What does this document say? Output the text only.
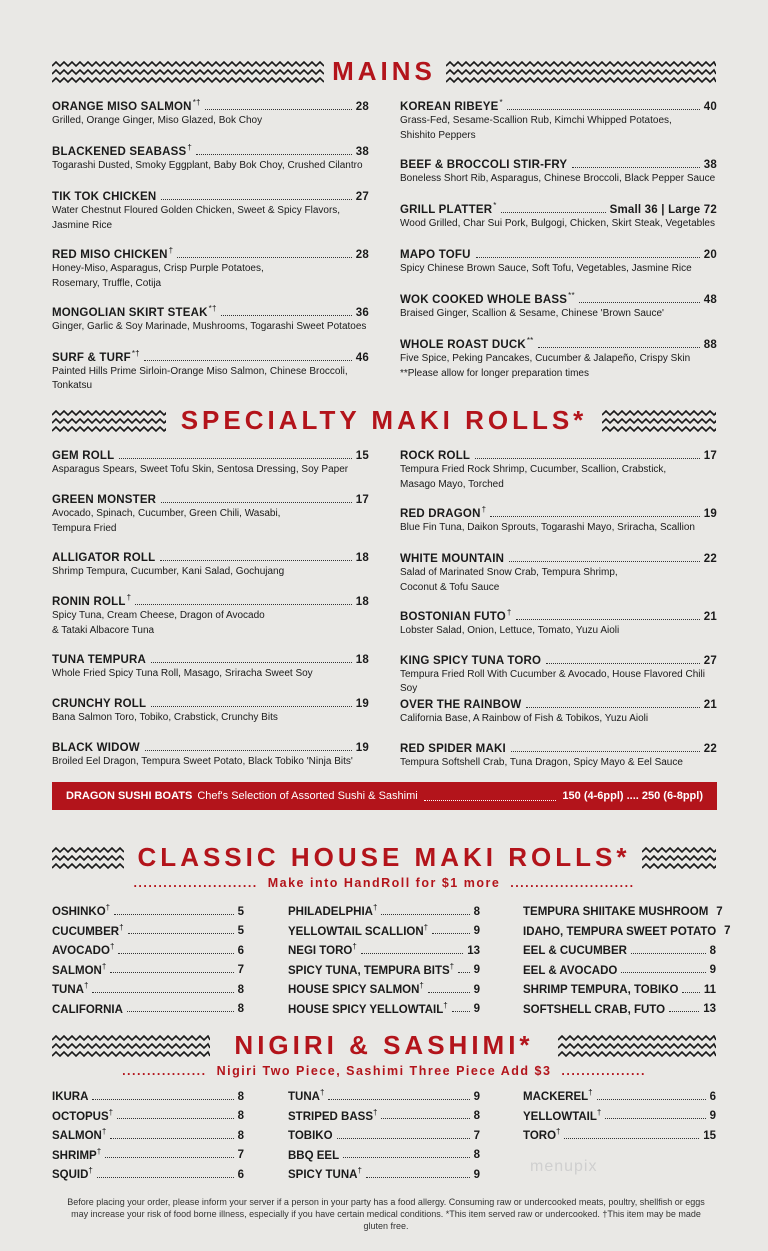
MAINS
ORANGE MISO SALMON*†	28
Grilled, Orange Ginger, Miso Glazed, Bok Choy
BLACKENED SEABASS†	38
Togarashi Dusted, Smoky Eggplant, Baby Bok Choy, Crushed Cilantro
TIK TOK CHICKEN	27
Water Chestnut Floured Golden Chicken, Sweet & Spicy Flavors,
Jasmine Rice
RED MISO CHICKEN†	28
Honey-Miso, Asparagus, Crisp Purple Potatoes,
Rosemary, Truffle, Cotija
MONGOLIAN SKIRT STEAK*†	36
Ginger, Garlic & Soy Marinade, Mushrooms, Togarashi Sweet Potatoes
SURF & TURF*†	46
Painted Hills Prime Sirloin-Orange Miso Salmon, Chinese Broccoli, Tonkatsu
KOREAN RIBEYE*	40
Grass-Fed, Sesame-Scallion Rub, Kimchi Whipped Potatoes,
Shishito Peppers
BEEF & BROCCOLI STIR-FRY	38
Boneless Short Rib, Asparagus, Chinese Broccoli, Black Pepper Sauce
GRILL PLATTER*	Small 36 | Large 72
Wood Grilled, Char Sui Pork, Bulgogi, Chicken, Skirt Steak, Vegetables
MAPO TOFU	20
Spicy Chinese Brown Sauce, Soft Tofu, Vegetables, Jasmine Rice
WOK COOKED WHOLE BASS**	48
Braised Ginger, Scallion & Sesame, Chinese 'Brown Sauce'
WHOLE ROAST DUCK**	88
Five Spice, Peking Pancakes, Cucumber & Jalapeño, Crispy Skin
**Please allow for longer preparation times
SPECIALTY MAKI ROLLS*
GEM ROLL	15
Asparagus Spears, Sweet Tofu Skin, Sentosa Dressing, Soy Paper
GREEN MONSTER	17
Avocado, Spinach, Cucumber, Green Chili, Wasabi,
Tempura Fried
ALLIGATOR ROLL	18
Shrimp Tempura, Cucumber, Kani Salad, Gochujang
RONIN ROLL†	18
Spicy Tuna, Cream Cheese, Dragon of Avocado
& Tataki Albacore Tuna
TUNA TEMPURA	18
Whole Fried Spicy Tuna Roll, Masago, Sriracha Sweet Soy
CRUNCHY ROLL	19
Bana Salmon Toro, Tobiko, Crabstick, Crunchy Bits
BLACK WIDOW	19
Broiled Eel Dragon, Tempura Sweet Potato, Black Tobiko 'Ninja Bits'
ROCK ROLL	17
Tempura Fried Rock Shrimp, Cucumber, Scallion, Crabstick,
Masago Mayo, Torched
RED DRAGON†	19
Blue Fin Tuna, Daikon Sprouts, Togarashi Mayo, Sriracha, Scallion
WHITE MOUNTAIN	22
Salad of Marinated Snow Crab, Tempura Shrimp,
Coconut & Tofu Sauce
BOSTONIAN FUTO†	21
Lobster Salad, Onion, Lettuce, Tomato, Yuzu Aioli
KING SPICY TUNA TORO	27
Tempura Fried Roll With Cucumber & Avocado, House Flavored Chili Soy
OVER THE RAINBOW	21
California Base, A Rainbow of Fish & Tobikos, Yuzu Aioli
RED SPIDER MAKI	22
Tempura Softshell Crab, Tuna Dragon, Spicy Mayo & Eel Sauce
DRAGON SUSHI BOATS Chef's Selection of Assorted Sushi & Sashimi	150 (4-6ppl) .... 250 (6-8ppl)
CLASSIC HOUSE MAKI ROLLS*
......................... Make into HandRoll for $1 more .........................
OSHINKO†	5
CUCUMBER†	5
AVOCADO†	6
SALMON†	7
TUNA†	8
CALIFORNIA	8
PHILADELPHIA†	8
YELLOWTAIL SCALLION†	9
NEGI TORO†	13
SPICY TUNA, TEMPURA BITS† 9
HOUSE SPICY SALMON†	9
HOUSE SPICY YELLOWTAIL† 9
TEMPURA SHIITAKE MUSHROOM 7
IDAHO, TEMPURA SWEET POTATO 7
EEL & CUCUMBER	8
EEL & AVOCADO	9
SHRIMP TEMPURA, TOBIKO 11
SOFTSHELL CRAB, FUTO	13
NIGIRI & SASHIMI*
................. Nigiri Two Piece, Sashimi Three Piece Add $3 .................
IKURA	8
OCTOPUS†	8
SALMON†	8
SHRIMP†	7
SQUID†	6
TUNA†	9
STRIPED BASS†	8
TOBIKO	7
BBQ EEL	8
SPICY TUNA†	9
MACKEREL†	6
YELLOWTAIL†	9
TORO†	15
menupix
Before placing your order, please inform your server if a person in your party has a food allergy. Consuming raw or undercooked meats, poultry, shellfish or eggs may increase your risk of food borne illness, especially if you have certain medical conditions. *This item served raw or undercooked. †This item may be made gluten free.
